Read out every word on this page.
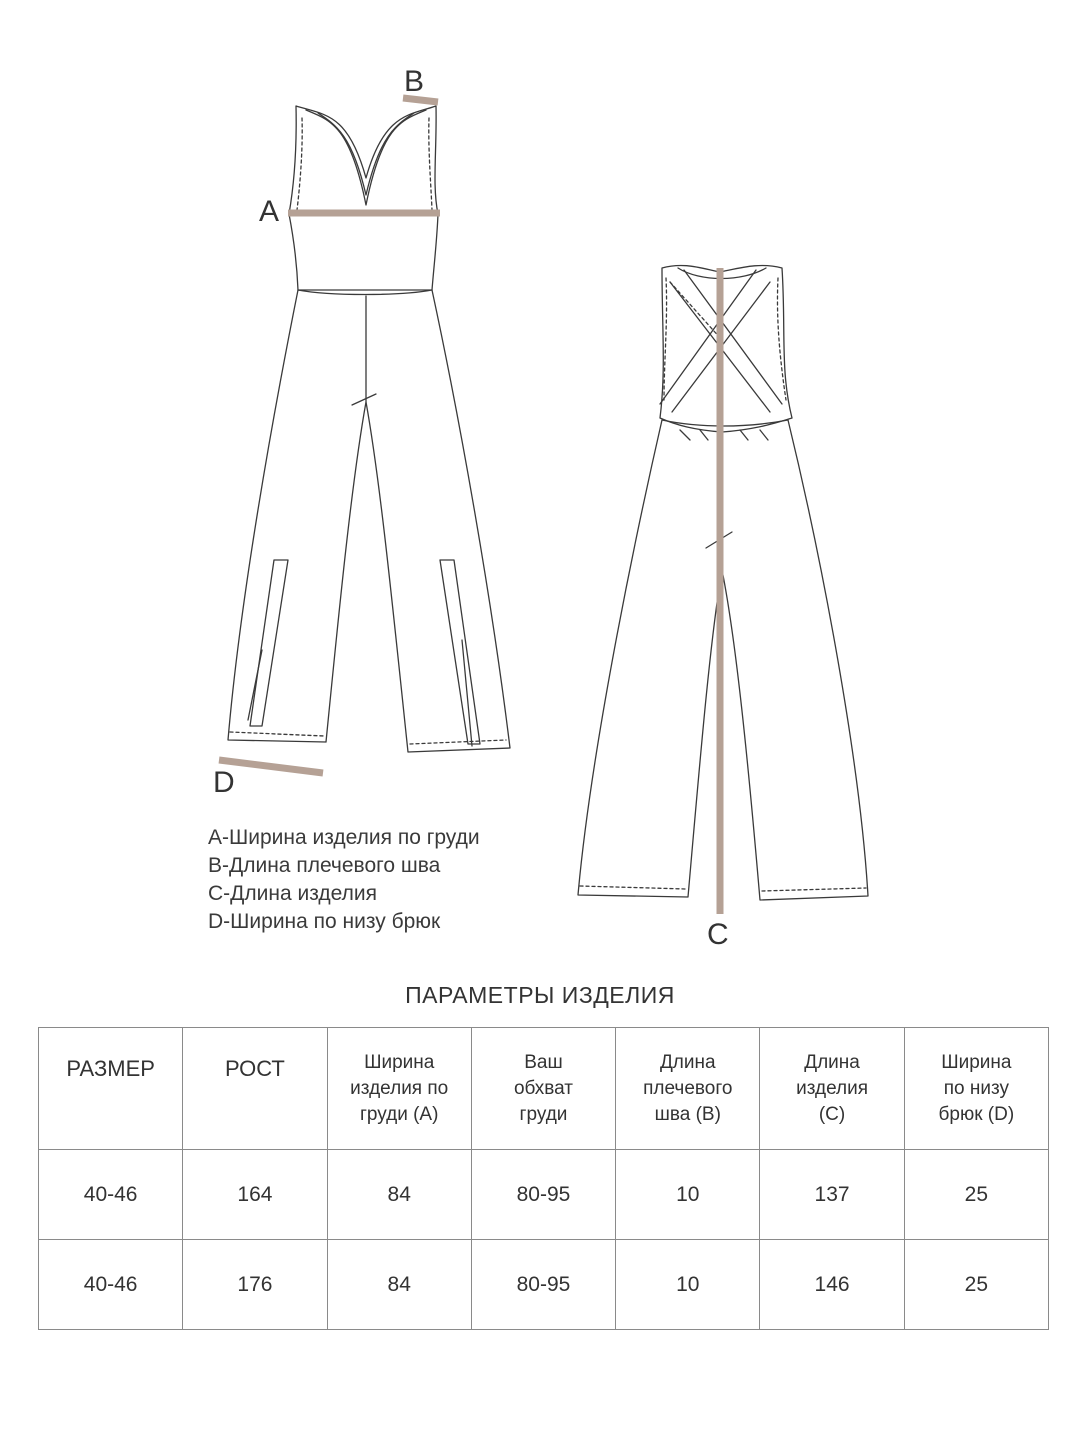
A
B
C
D
A-Ширина изделия по груди
B-Длина плечевого шва
C-Длина изделия
D-Ширина по низу брюк
ПАРАМЕТРЫ ИЗДЕЛИЯ
РАЗМЕР	РОСТ	Ширина
изделия по
груди (A)	Ваш
обхват
груди	Длина
плечевого
шва (B)	Длина
изделия
(C)	Ширина
по низу
брюк (D)

40-46	164	84	80-95	10	137	25
40-46	176	84	80-95	10	146	25
